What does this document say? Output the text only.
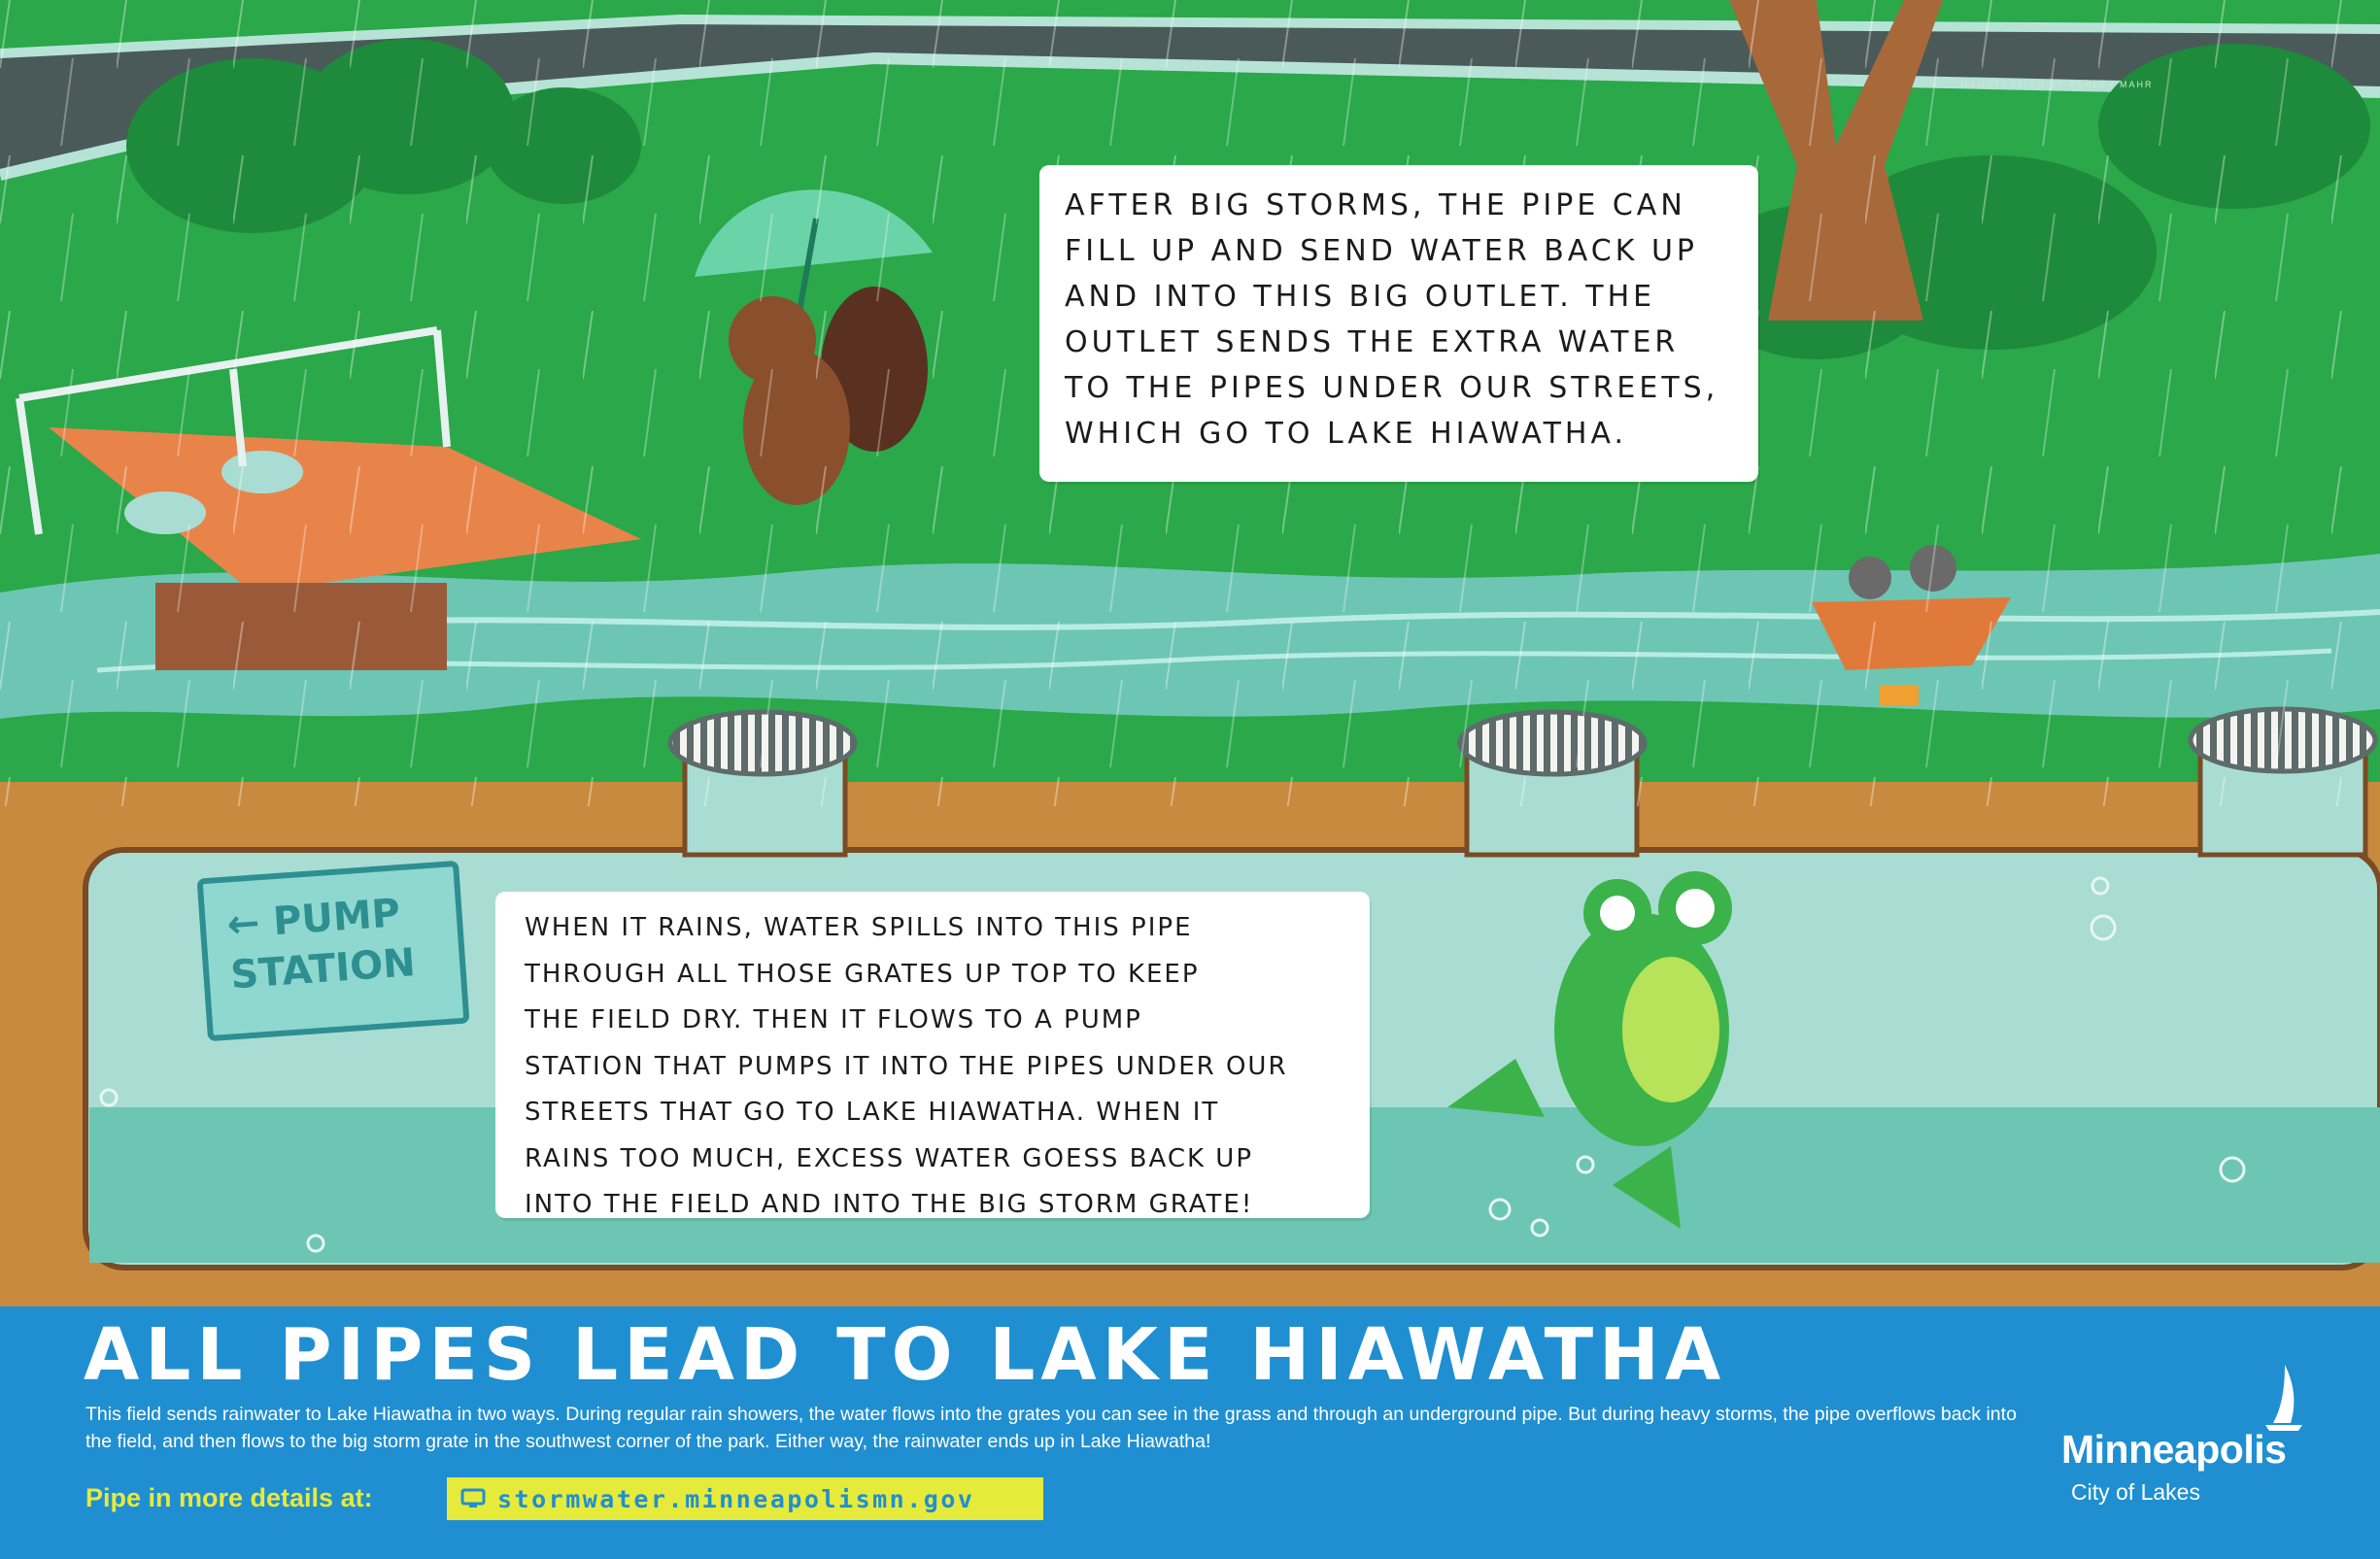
ILLUSTRATION BY ASHLEY MAHR
← PUMP
STATION
AFTER BIG STORMS, THE PIPE CAN
FILL UP AND SEND WATER BACK UP
AND INTO THIS BIG OUTLET. THE
OUTLET SENDS THE EXTRA WATER
TO THE PIPES UNDER OUR STREETS,
WHICH GO TO LAKE HIAWATHA.
WHEN IT RAINS, WATER SPILLS INTO THIS PIPE
THROUGH ALL THOSE GRATES UP TOP TO KEEP
THE FIELD DRY. THEN IT FLOWS TO A PUMP
STATION THAT PUMPS IT INTO THE PIPES UNDER OUR
STREETS THAT GO TO LAKE HIAWATHA. WHEN IT
RAINS TOO MUCH, EXCESS WATER GOESS BACK UP
INTO THE FIELD AND INTO THE BIG STORM GRATE!
ALL PIPES LEAD TO LAKE HIAWATHA

This field sends rainwater to Lake Hiawatha in two ways. During regular rain showers, the water flows into the grates you can see in the grass and through an underground pipe. But during heavy storms, the pipe overflows back into the field, and then flows to the big storm grate in the southwest corner of the park. Either way, the rainwater ends up in Lake Hiawatha!

Pipe in more details at:	stormwater.minneapolismn.gov
Minneapolis
City of Lakes
